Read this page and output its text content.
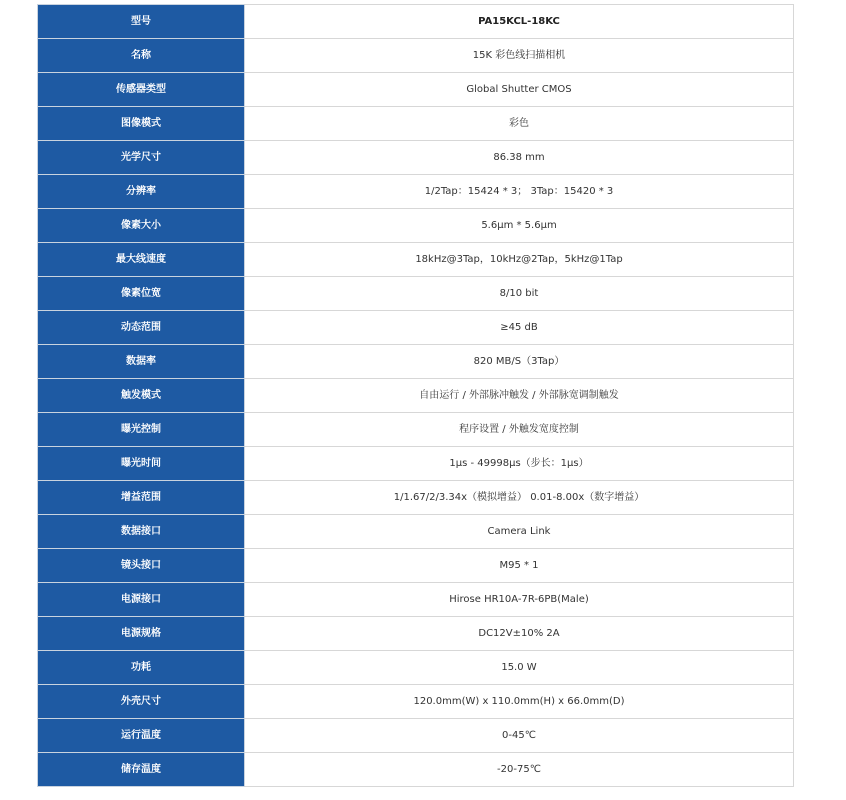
型号	PA15KCL-18KC
名称	15K 彩色线扫描相机
传感器类型	Global Shutter CMOS
图像模式	彩色
光学尺寸	86.38 mm
分辨率	1/2Tap：15424 * 3； 3Tap：15420 * 3
像素大小	5.6μm * 5.6μm
最大线速度	18kHz@3Tap，10kHz@2Tap，5kHz@1Tap
像素位宽	8/10 bit
动态范围	≥45 dB
数据率	820 MB/S（3Tap）
触发模式	自由运行 / 外部脉冲触发 / 外部脉宽调制触发
曝光控制	程序设置 / 外触发宽度控制
曝光时间	1μs - 49998μs（步长：1μs）
增益范围	1/1.67/2/3.34x（模拟增益） 0.01-8.00x（数字增益）
数据接口	Camera Link
镜头接口	M95 * 1
电源接口	Hirose HR10A-7R-6PB(Male)
电源规格	DC12V±10% 2A
功耗	15.0 W
外壳尺寸	120.0mm(W) x 110.0mm(H) x 66.0mm(D)
运行温度	0-45℃
储存温度	-20-75℃
